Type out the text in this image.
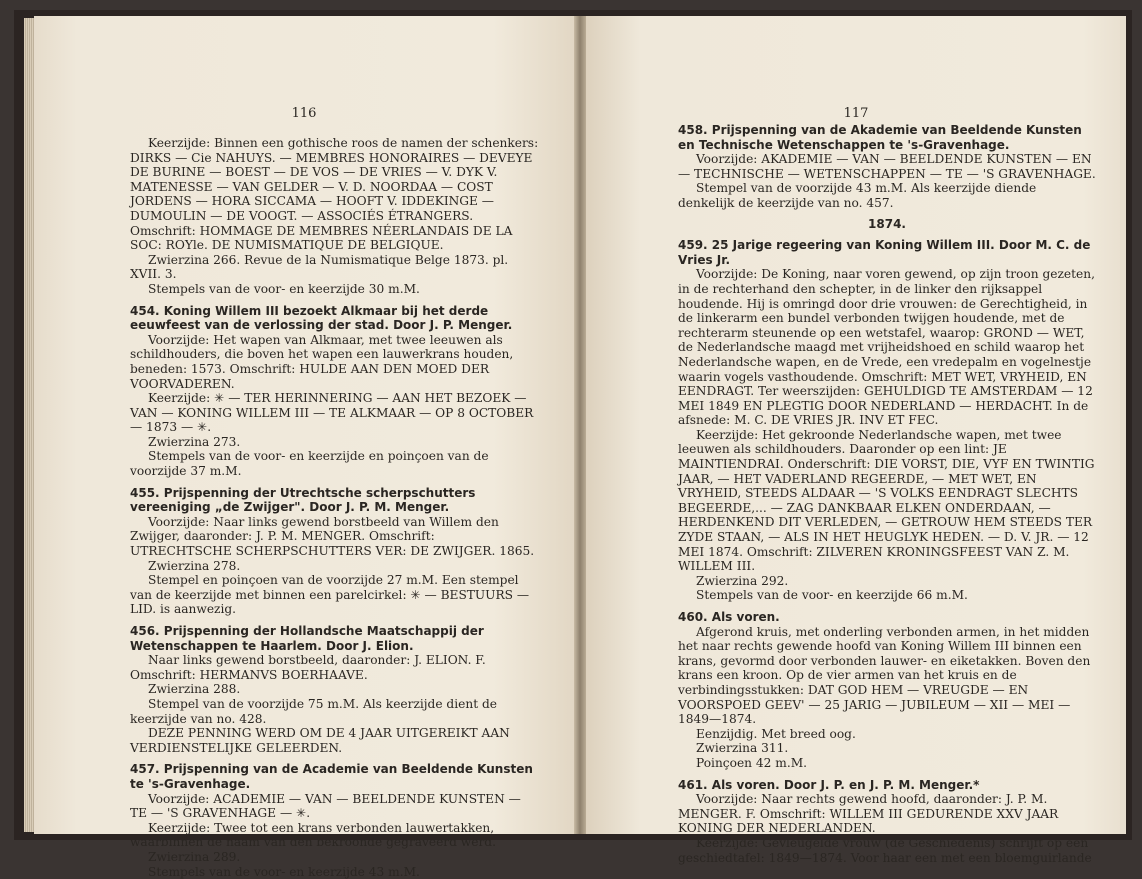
116

Keerzijde: Binnen een gothische roos de namen der schenkers: DIRKS — Cie NAHUYS. — MEMBRES HONORAIRES — DEVEYE DE BURINE — BOEST — DE VOS — DE VRIES — V. DYK V. MATENESSE — VAN GELDER — V. D. NOORDAA — COST JORDENS — HORA SICCAMA — HOOFT V. IDDEKINGE — DUMOULIN — DE VOOGT. — ASSOCIÉS ÉTRANGERS. Omschrift: HOMMAGE DE MEMBRES NÉERLANDAIS DE LA SOC: ROYle. DE NUMISMATIQUE DE BELGIQUE.

Zwierzina 266. Revue de la Numismatique Belge 1873. pl. XVII. 3.

Stempels van de voor- en keerzijde 30 m.M.

454. Koning Willem III bezoekt Alkmaar bij het derde eeuwfeest van de verlossing der stad. Door J. P. Menger.

Voorzijde: Het wapen van Alkmaar, met twee leeuwen als schildhouders, die boven het wapen een lauwerkrans houden, beneden: 1573. Omschrift: HULDE AAN DEN MOED DER VOORVADEREN.

Keerzijde: ✳ — TER HERINNERING — AAN HET BEZOEK — VAN — KONING WILLEM III — TE ALKMAAR — OP 8 OCTOBER — 1873 — ✳.

Zwierzina 273.

Stempels van de voor- en keerzijde en poinçoen van de voorzijde 37 m.M.

455. Prijspenning der Utrechtsche scherpschutters vereeniging „de Zwijger". Door J. P. M. Menger.

Voorzijde: Naar links gewend borstbeeld van Willem den Zwijger, daaronder: J. P. M. MENGER. Omschrift: UTRECHTSCHE SCHERPSCHUTTERS VER: DE ZWIJGER. 1865.

Zwierzina 278.

Stempel en poinçoen van de voorzijde 27 m.M. Een stempel van de keerzijde met binnen een parelcirkel: ✳ — BESTUURS — LID. is aanwezig.

456. Prijspenning der Hollandsche Maatschappij der Wetenschappen te Haarlem. Door J. Elion.

Naar links gewend borstbeeld, daaronder: J. ELION. F. Omschrift: HERMANVS BOERHAAVE.

Zwierzina 288.

Stempel van de voorzijde 75 m.M. Als keerzijde dient de keerzijde van no. 428.

DEZE PENNING WERD OM DE 4 JAAR UITGEREIKT AAN VERDIENSTELIJKE GELEERDEN.

457. Prijspenning van de Academie van Beeldende Kunsten te 's-Gravenhage.

Voorzijde: ACADEMIE — VAN — BEELDENDE KUNSTEN — TE — 'S GRAVENHAGE — ✳.

Keerzijde: Twee tot een krans verbonden lauwertakken, waarbinnen de naam van den bekroonde gegraveerd werd.

Zwierzina 289.

Stempels van de voor- en keerzijde 43 m.M.

117

458. Prijspenning van de Akademie van Beeldende Kunsten en Technische Wetenschappen te 's-Gravenhage.

Voorzijde: AKADEMIE — VAN — BEELDENDE KUNSTEN — EN — TECHNISCHE — WETENSCHAPPEN — TE — 'S GRAVENHAGE.

Stempel van de voorzijde 43 m.M. Als keerzijde diende denkelijk de keerzijde van no. 457.

1874.

459. 25 Jarige regeering van Koning Willem III. Door M. C. de Vries Jr.

Voorzijde: De Koning, naar voren gewend, op zijn troon gezeten, in de rechterhand den schepter, in de linker den rijksappel houdende. Hij is omringd door drie vrouwen: de Gerechtigheid, in de linkerarm een bundel verbonden twijgen houdende, met de rechterarm steunende op een wetstafel, waarop: GROND — WET, de Nederlandsche maagd met vrijheidshoed en schild waarop het Nederlandsche wapen, en de Vrede, een vredepalm en vogelnestje waarin vogels vasthoudende. Omschrift: MET WET, VRYHEID, EN EENDRAGT. Ter weerszijden: GEHULDIGD TE AMSTERDAM — 12 MEI 1849 EN PLEGTIG DOOR NEDERLAND — HERDACHT. In de afsnede: M. C. DE VRIES JR. INV ET FEC.

Keerzijde: Het gekroonde Nederlandsche wapen, met twee leeuwen als schildhouders. Daaronder op een lint: JE MAINTIENDRAI. Onderschrift: DIE VORST, DIE, VYF EN TWINTIG JAAR, — HET VADERLAND REGEERDE, — MET WET, EN VRYHEID, STEEDS ALDAAR — 'S VOLKS EENDRAGT SLECHTS BEGEERDE,... — ZAG DANKBAAR ELKEN ONDERDAAN, — HERDENKEND DIT VERLEDEN, — GETROUW HEM STEEDS TER ZYDE STAAN, — ALS IN HET HEUGLYK HEDEN. — D. V. JR. — 12 MEI 1874. Omschrift: ZILVEREN KRONINGSFEEST VAN Z. M. WILLEM III.

Zwierzina 292.

Stempels van de voor- en keerzijde 66 m.M.

460. Als voren.

Afgerond kruis, met onderling verbonden armen, in het midden het naar rechts gewende hoofd van Koning Willem III binnen een krans, gevormd door verbonden lauwer- en eiketakken. Boven den krans een kroon. Op de vier armen van het kruis en de verbindingsstukken: DAT GOD HEM — VREUGDE — EN VOORSPOED GEEV' — 25 JARIG — JUBILEUM — XII — MEI — 1849—1874.

Eenzijdig. Met breed oog.

Zwierzina 311.

Poinçoen 42 m.M.

461. Als voren. Door J. P. en J. P. M. Menger.*

Voorzijde: Naar rechts gewend hoofd, daaronder: J. P. M. MENGER. F. Omschrift: WILLEM III GEDURENDE XXV JAAR KONING DER NEDERLANDEN.

Keerzijde: Gevleugelde vrouw (de Geschiedenis) schrijft op een geschiedtafel: 1849—1874. Voor haar een met een bloemguirlande
